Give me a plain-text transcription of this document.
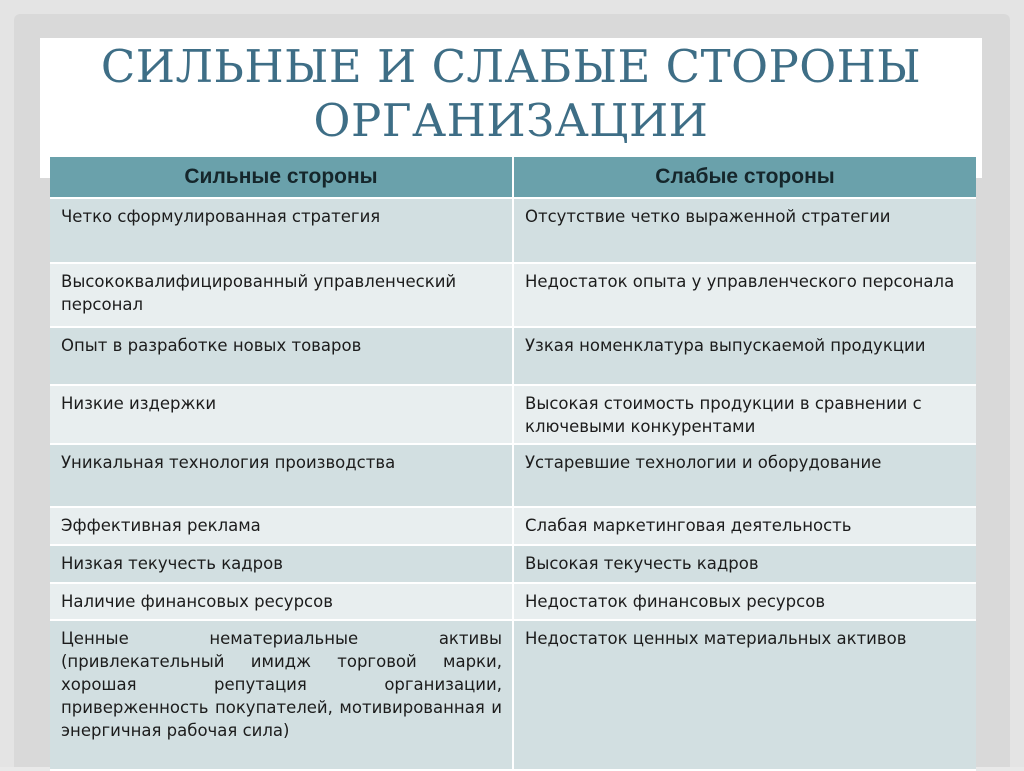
СИЛЬНЫЕ И СЛАБЫЕ СТОРОНЫ
ОРГАНИЗАЦИИ
Сильные стороны	Слабые стороны
Четко сформулированная стратегия	Отсутствие четко выраженной стратегии
Высококвалифицированный управленческий персонал	Недостаток опыта у управленческого персонала
Опыт в разработке новых товаров	Узкая номенклатура выпускаемой продукции
Низкие издержки	Высокая стоимость продукции в сравнении с ключевыми конкурентами
Уникальная технология производства	Устаревшие технологии и оборудование
Эффективная реклама	Слабая маркетинговая деятельность
Низкая текучесть кадров	Высокая текучесть кадров
Наличие финансовых ресурсов	Недостаток финансовых ресурсов
Ценные нематериальные активы (привлекательный имидж торговой марки, хорошая репутация организации, приверженность покупателей, мотивированная и энергичная рабочая сила)	Недостаток ценных материальных активов
